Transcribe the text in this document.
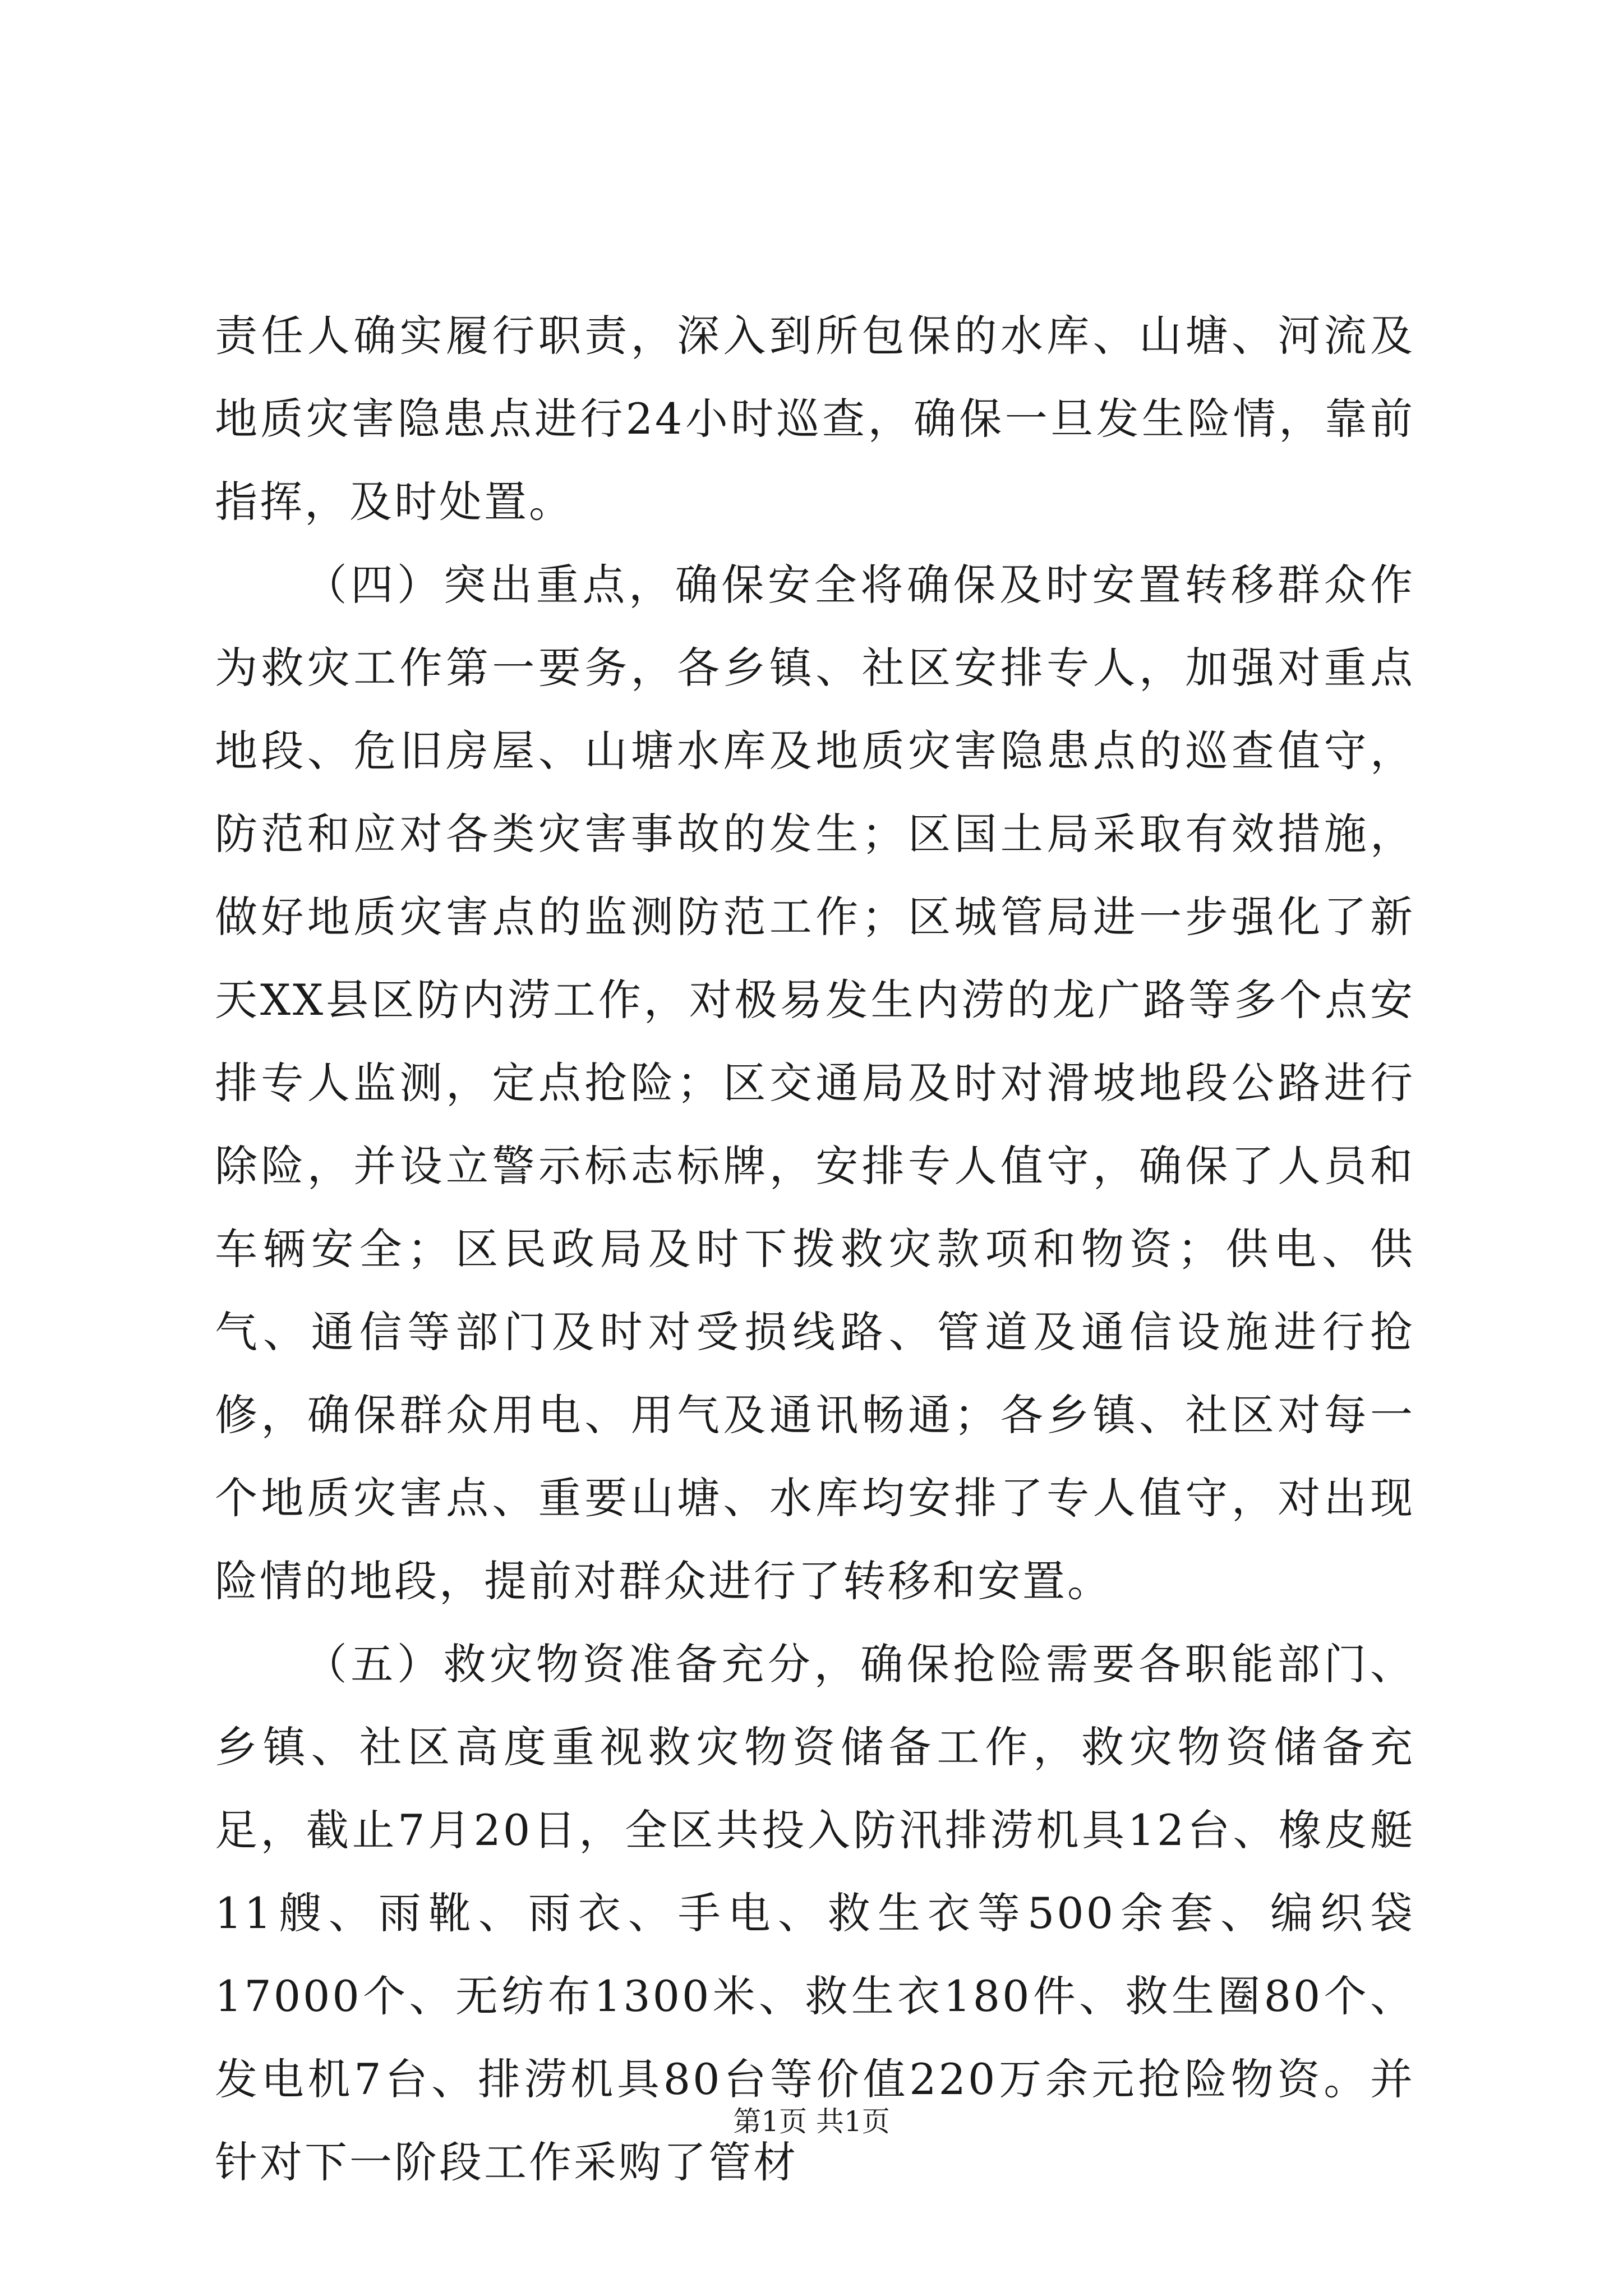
责任人确实履行职责，深入到所包保的水库、山塘、河流及地质灾害隐患点进行24小时巡查，确保一旦发生险情，靠前指挥，及时处置。

（四）突出重点，确保安全将确保及时安置转移群众作为救灾工作第一要务，各乡镇、社区安排专人，加强对重点地段、危旧房屋、山塘水库及地质灾害隐患点的巡查值守，防范和应对各类灾害事故的发生；区国土局采取有效措施，做好地质灾害点的监测防范工作；区城管局进一步强化了新天XX县区防内涝工作，对极易发生内涝的龙广路等多个点安排专人监测，定点抢险；区交通局及时对滑坡地段公路进行除险，并设立警示标志标牌，安排专人值守，确保了人员和车辆安全；区民政局及时下拨救灾款项和物资；供电、供气、通信等部门及时对受损线路、管道及通信设施进行抢修，确保群众用电、用气及通讯畅通；各乡镇、社区对每一个地质灾害点、重要山塘、水库均安排了专人值守，对出现险情的地段，提前对群众进行了转移和安置。

（五）救灾物资准备充分，确保抢险需要各职能部门、乡镇、社区高度重视救灾物资储备工作，救灾物资储备充足，截止7月20日，全区共投入防汛排涝机具12台、橡皮艇11艘、雨靴、雨衣、手电、救生衣等500余套、编织袋17000个、无纺布1300米、救生衣180件、救生圈80个、发电机7台、排涝机具80台等价值220万余元抢险物资。并针对下一阶段工作采购了管材

第1页 共1页
